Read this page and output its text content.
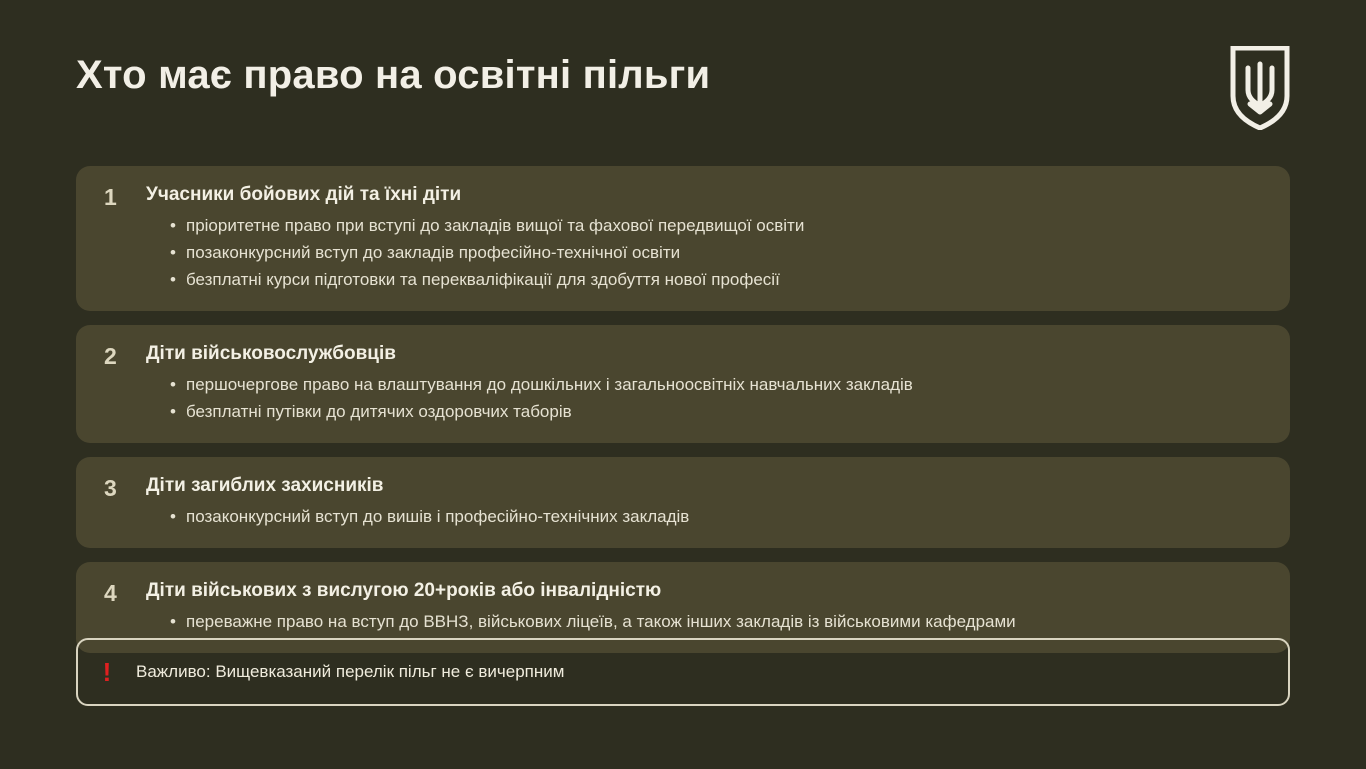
Хто має право на освітні пільги
1	Учасники бойових дій та їхні діти
• пріоритетне право при вступі до закладів вищої та фахової передвищої освіти
• позаконкурсний вступ до закладів професійно-технічної освіти
• безплатні курси підготовки та перекваліфікації для здобуття нової професії
2	Діти військовослужбовців
• першочергове право на влаштування до дошкільних і загальноосвітніх навчальних закладів
• безплатні путівки до дитячих оздоровчих таборів
3	Діти загиблих захисників
• позаконкурсний вступ до вишів і професійно-технічних закладів
4	Діти військових з вислугою 20+років або інвалідністю
• переважне право на вступ до ВВНЗ, військових ліцеїв, а також інших закладів із військовими кафедрами
!	Важливо: Вищевказаний перелік пільг не є вичерпним
